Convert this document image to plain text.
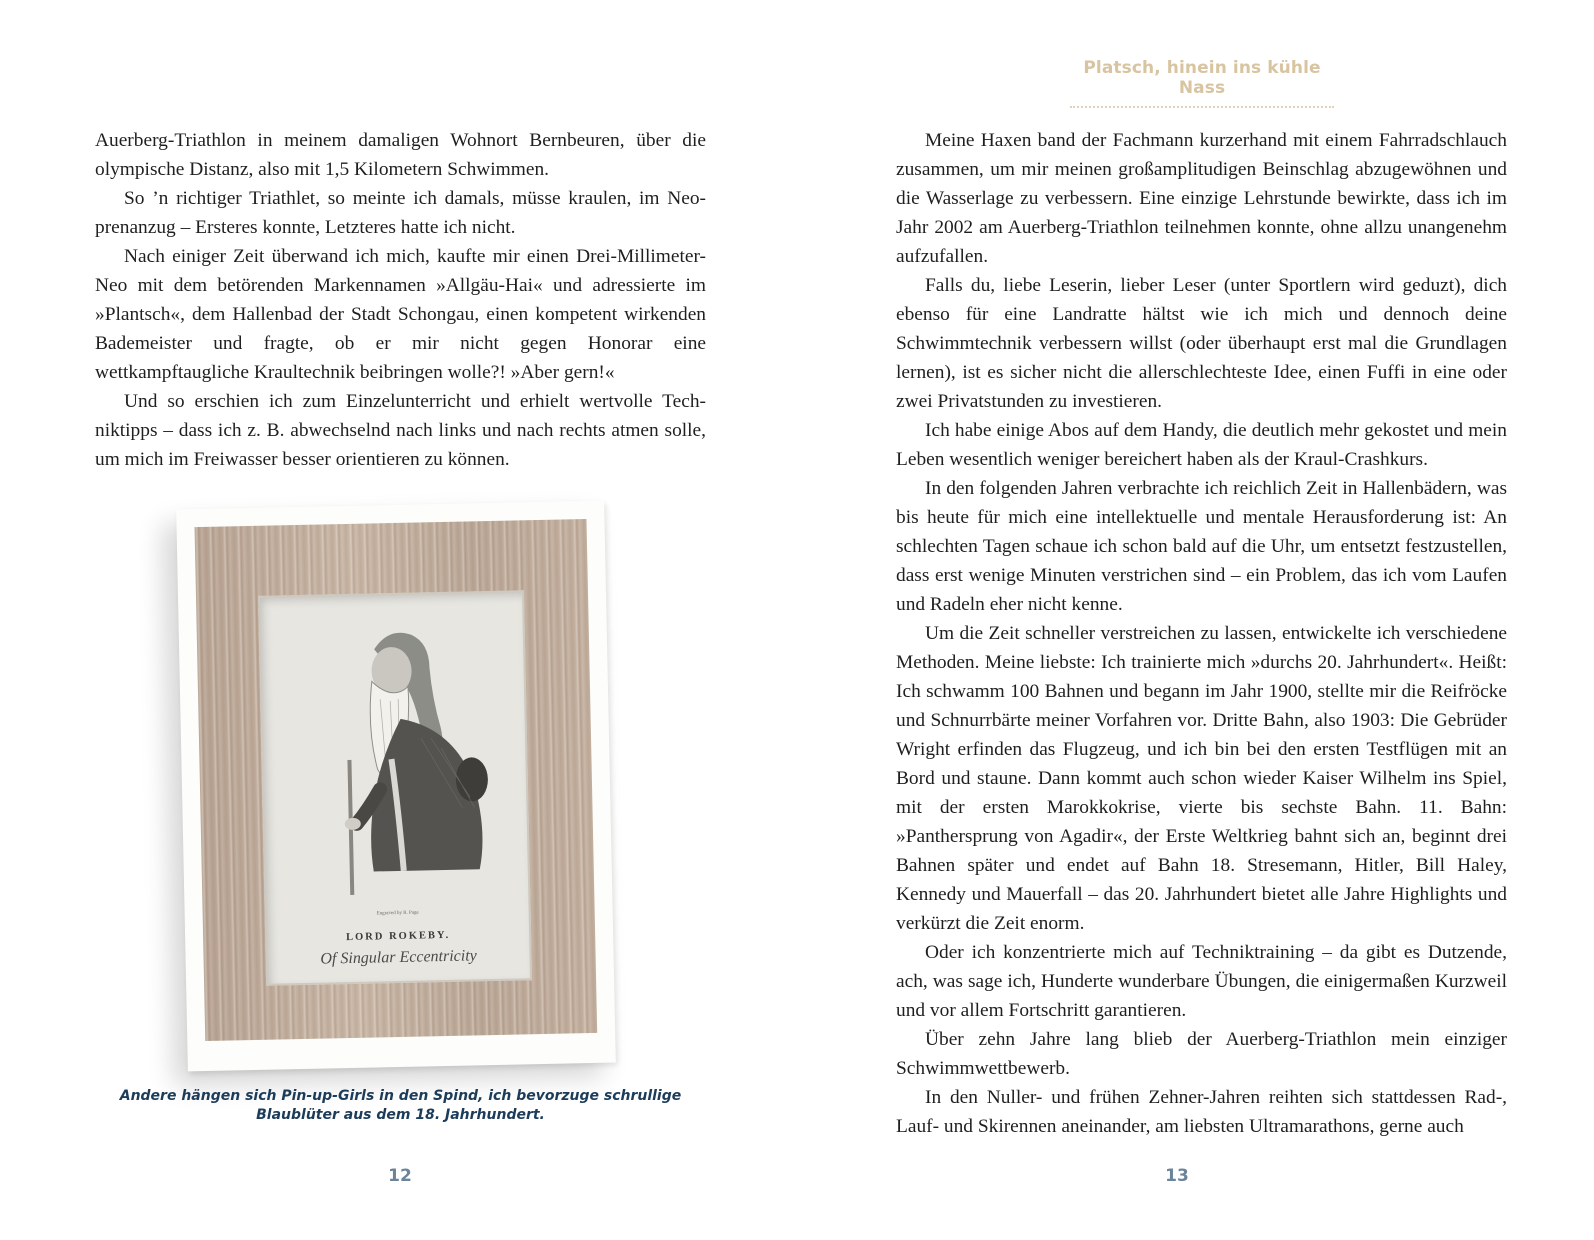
Auerberg-Triathlon in meinem damaligen Wohnort Bernbeuren, über die olympische Distanz, also mit 1,5 Kilometern Schwimmen.

So ’n richtiger Triathlet, so meinte ich damals, müsse kraulen, im Neoprenanzug – Ersteres konnte, Letzteres hatte ich nicht.

Nach einiger Zeit überwand ich mich, kaufte mir einen Drei-Millimeter-Neo mit dem betörenden Markennamen »Allgäu-Hai« und adressierte im »Plantsch«, dem Hallenbad der Stadt Schongau, einen kompetent wirkenden Bademeister und fragte, ob er mir nicht gegen Honorar eine wettkampftaugliche Kraultechnik beibringen wolle?! »Aber gern!«

Und so erschien ich zum Einzelunterricht und erhielt wertvolle Techniktipps – dass ich z. B. abwechselnd nach links und nach rechts atmen solle, um mich im Freiwasser besser orientieren zu können.

Engraved by R. Page
LORD ROKEBY.
Of Singular Eccentricity
Andere hängen sich Pin-up-Girls in den Spind, ich bevorzuge schrullige Blaublüter aus dem 18. Jahrhundert.
12
Platsch, hinein ins kühle Nass

Meine Haxen band der Fachmann kurzerhand mit einem Fahrradschlauch zusammen, um mir meinen großamplitudigen Beinschlag abzugewöhnen und die Wasserlage zu verbessern. Eine einzige Lehrstunde bewirkte, dass ich im Jahr 2002 am Auerberg-Triathlon teilnehmen konnte, ohne allzu unangenehm aufzufallen.

Falls du, liebe Leserin, lieber Leser (unter Sportlern wird geduzt), dich ebenso für eine Landratte hältst wie ich mich und dennoch deine Schwimmtechnik verbessern willst (oder überhaupt erst mal die Grundlagen lernen), ist es sicher nicht die allerschlechteste Idee, einen Fuffi in eine oder zwei Privatstunden zu investieren.

Ich habe einige Abos auf dem Handy, die deutlich mehr gekostet und mein Leben wesentlich weniger bereichert haben als der Kraul-Crashkurs.

In den folgenden Jahren verbrachte ich reichlich Zeit in Hallenbädern, was bis heute für mich eine intellektuelle und mentale Herausforderung ist: An schlechten Tagen schaue ich schon bald auf die Uhr, um entsetzt festzustellen, dass erst wenige Minuten verstrichen sind – ein Problem, das ich vom Laufen und Radeln eher nicht kenne.

Um die Zeit schneller verstreichen zu lassen, entwickelte ich verschiedene Methoden. Meine liebste: Ich trainierte mich »durchs 20. Jahrhundert«. Heißt: Ich schwamm 100 Bahnen und begann im Jahr 1900, stellte mir die Reifröcke und Schnurrbärte meiner Vorfahren vor. Dritte Bahn, also 1903: Die Gebrüder Wright erfinden das Flugzeug, und ich bin bei den ersten Testflügen mit an Bord und staune. Dann kommt auch schon wieder Kaiser Wilhelm ins Spiel, mit der ersten Marokkokrise, vierte bis sechste Bahn. 11. Bahn: »Panthersprung von Agadir«, der Erste Weltkrieg bahnt sich an, beginnt drei Bahnen später und endet auf Bahn 18. Stresemann, Hitler, Bill Haley, Kennedy und Mauerfall – das 20. Jahrhundert bietet alle Jahre Highlights und verkürzt die Zeit enorm.

Oder ich konzentrierte mich auf Techniktraining – da gibt es Dutzende, ach, was sage ich, Hunderte wunderbare Übungen, die einigermaßen Kurzweil und vor allem Fortschritt garantieren.

Über zehn Jahre lang blieb der Auerberg-Triathlon mein einziger Schwimmwettbewerb.

In den Nuller- und frühen Zehner-Jahren reihten sich stattdessen Rad-, Lauf- und Skirennen aneinander, am liebsten Ultramarathons, gerne auch

13
